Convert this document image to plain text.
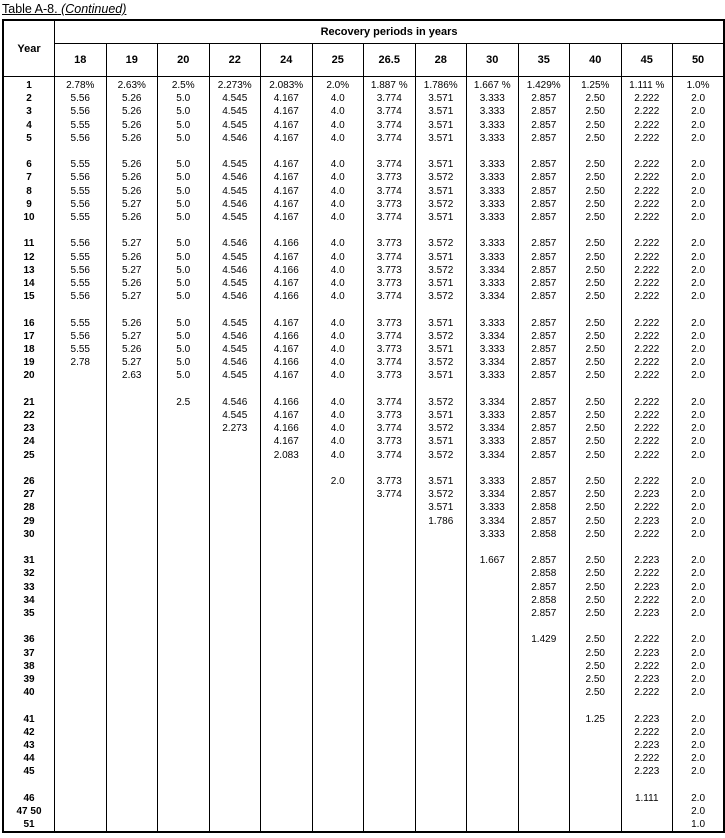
Table A-8. (Continued)
Year	Recovery periods in years												
	18	19	20	22	24	25	26.5	28	30	35	40	45	50
1	2.78%	2.63%	2.5%	2.273%	2.083%	2.0%	1.887 %	1.786%	1.667 %	1.429%	1.25%	1.111 %	1.0%
2	5.56	5.26	5.0	4.545	4.167	4.0	3.774	3.571	3.333	2.857	2.50	2.222	2.0
3	5.56	5.26	5.0	4.545	4.167	4.0	3.774	3.571	3.333	2.857	2.50	2.222	2.0
4	5.55	5.26	5.0	4.545	4.167	4.0	3.774	3.571	3.333	2.857	2.50	2.222	2.0
5	5.56	5.26	5.0	4.546	4.167	4.0	3.774	3.571	3.333	2.857	2.50	2.222	2.0

6	5.55	5.26	5.0	4.545	4.167	4.0	3.774	3.571	3.333	2.857	2.50	2.222	2.0
7	5.56	5.26	5.0	4.546	4.167	4.0	3.773	3.572	3.333	2.857	2.50	2.222	2.0
8	5.55	5.26	5.0	4.545	4.167	4.0	3.774	3.571	3.333	2.857	2.50	2.222	2.0
9	5.56	5.27	5.0	4.546	4.167	4.0	3.773	3.572	3.333	2.857	2.50	2.222	2.0
10	5.55	5.26	5.0	4.545	4.167	4.0	3.774	3.571	3.333	2.857	2.50	2.222	2.0

11	5.56	5.27	5.0	4.546	4.166	4.0	3.773	3.572	3.333	2.857	2.50	2.222	2.0
12	5.55	5.26	5.0	4.545	4.167	4.0	3.774	3.571	3.333	2.857	2.50	2.222	2.0
13	5.56	5.27	5.0	4.546	4.166	4.0	3.773	3.572	3.334	2.857	2.50	2.222	2.0
14	5.55	5.26	5.0	4.545	4.167	4.0	3.773	3.571	3.333	2.857	2.50	2.222	2.0
15	5.56	5.27	5.0	4.546	4.166	4.0	3.774	3.572	3.334	2.857	2.50	2.222	2.0

16	5.55	5.26	5.0	4.545	4.167	4.0	3.773	3.571	3.333	2.857	2.50	2.222	2.0
17	5.56	5.27	5.0	4.546	4.166	4.0	3.774	3.572	3.334	2.857	2.50	2.222	2.0
18	5.55	5.26	5.0	4.545	4.167	4.0	3.773	3.571	3.333	2.857	2.50	2.222	2.0
19	2.78	5.27	5.0	4.546	4.166	4.0	3.774	3.572	3.334	2.857	2.50	2.222	2.0
20		2.63	5.0	4.545	4.167	4.0	3.773	3.571	3.333	2.857	2.50	2.222	2.0

21			2.5	4.546	4.166	4.0	3.774	3.572	3.334	2.857	2.50	2.222	2.0
22				4.545	4.167	4.0	3.773	3.571	3.333	2.857	2.50	2.222	2.0
23				2.273	4.166	4.0	3.774	3.572	3.334	2.857	2.50	2.222	2.0
24					4.167	4.0	3.773	3.571	3.333	2.857	2.50	2.222	2.0
25					2.083	4.0	3.774	3.572	3.334	2.857	2.50	2.222	2.0

26						2.0	3.773	3.571	3.333	2.857	2.50	2.222	2.0
27							3.774	3.572	3.334	2.857	2.50	2.223	2.0
28								3.571	3.333	2.858	2.50	2.222	2.0
29								1.786	3.334	2.857	2.50	2.223	2.0
30									3.333	2.858	2.50	2.222	2.0

31									1.667	2.857	2.50	2.223	2.0
32										2.858	2.50	2.222	2.0
33										2.857	2.50	2.223	2.0
34										2.858	2.50	2.222	2.0
35										2.857	2.50	2.223	2.0

36										1.429	2.50	2.222	2.0
37											2.50	2.223	2.0
38											2.50	2.222	2.0
39											2.50	2.223	2.0
40											2.50	2.222	2.0

41											1.25	2.223	2.0
42												2.222	2.0
43												2.223	2.0
44												2.222	2.0
45												2.223	2.0

46												1.111	2.0
47 50													2.0
51													1.0
